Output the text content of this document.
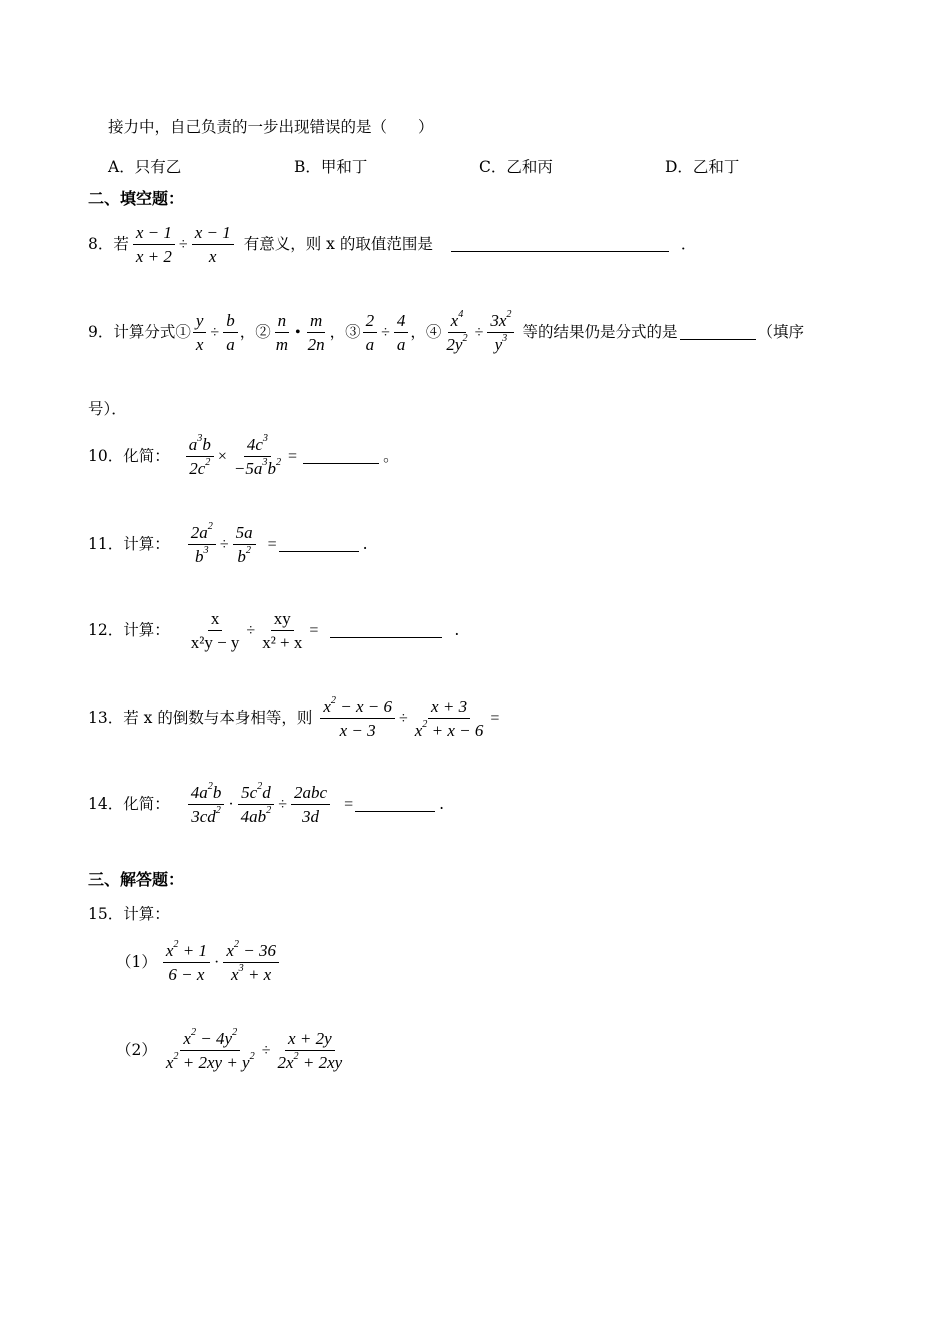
接力中，自己负责的一步出现错误的是（　　）
A．只有乙	B．甲和丁	C．乙和丙	D．乙和丁
二、填空题：
8．若 $\frac{x - 1}{x + 2} \div \frac{x - 1}{x}$ 有意义，则 x 的取值范围是	．
9．计算分式① $\frac{y}{x} \div \frac{b}{a}$ ，② $\frac{n}{m}$ • $\frac{m}{2n}$ ，③ $\frac{2}{a} \div \frac{4}{a}$ ，④ $\frac{x^4}{2y^2} \div \frac{3x^2}{y^3}$ 等的结果仍是分式的是	（填序
号）．
10．化简： $\frac{a^3b}{2c^2} \times \frac{4c^3}{-5a^3b^2}$ =	。
11．计算： $\frac{2a^2}{b^3} \div \frac{5a}{b^2}$ =	.
12．计算： $\frac{x}{\text{x²y − y}} \div \frac{xy}{\text{x² + x}}$ =	.
13．若 x 的倒数与本身相等，则 $\frac{x^2 - x - 6}{x - 3} \div \frac{x + 3}{x^2 + x - 6}$ =
14．化简： $\frac{4a^2b}{3cd^2} \cdot \frac{5c^2d}{4ab^2} \div \frac{\text{2abc}}{3d}$ =	.
三、解答题：
15．计算：
$(1) \frac{x^2 + 1}{6 - x} \cdot \frac{x^2 - 36}{x^3 + x}$
$(2) \frac{x^2 - 4y^2}{x^2 + 2xy + y^2} \div \frac{x + 2y}{2x^2 + 2xy}$
